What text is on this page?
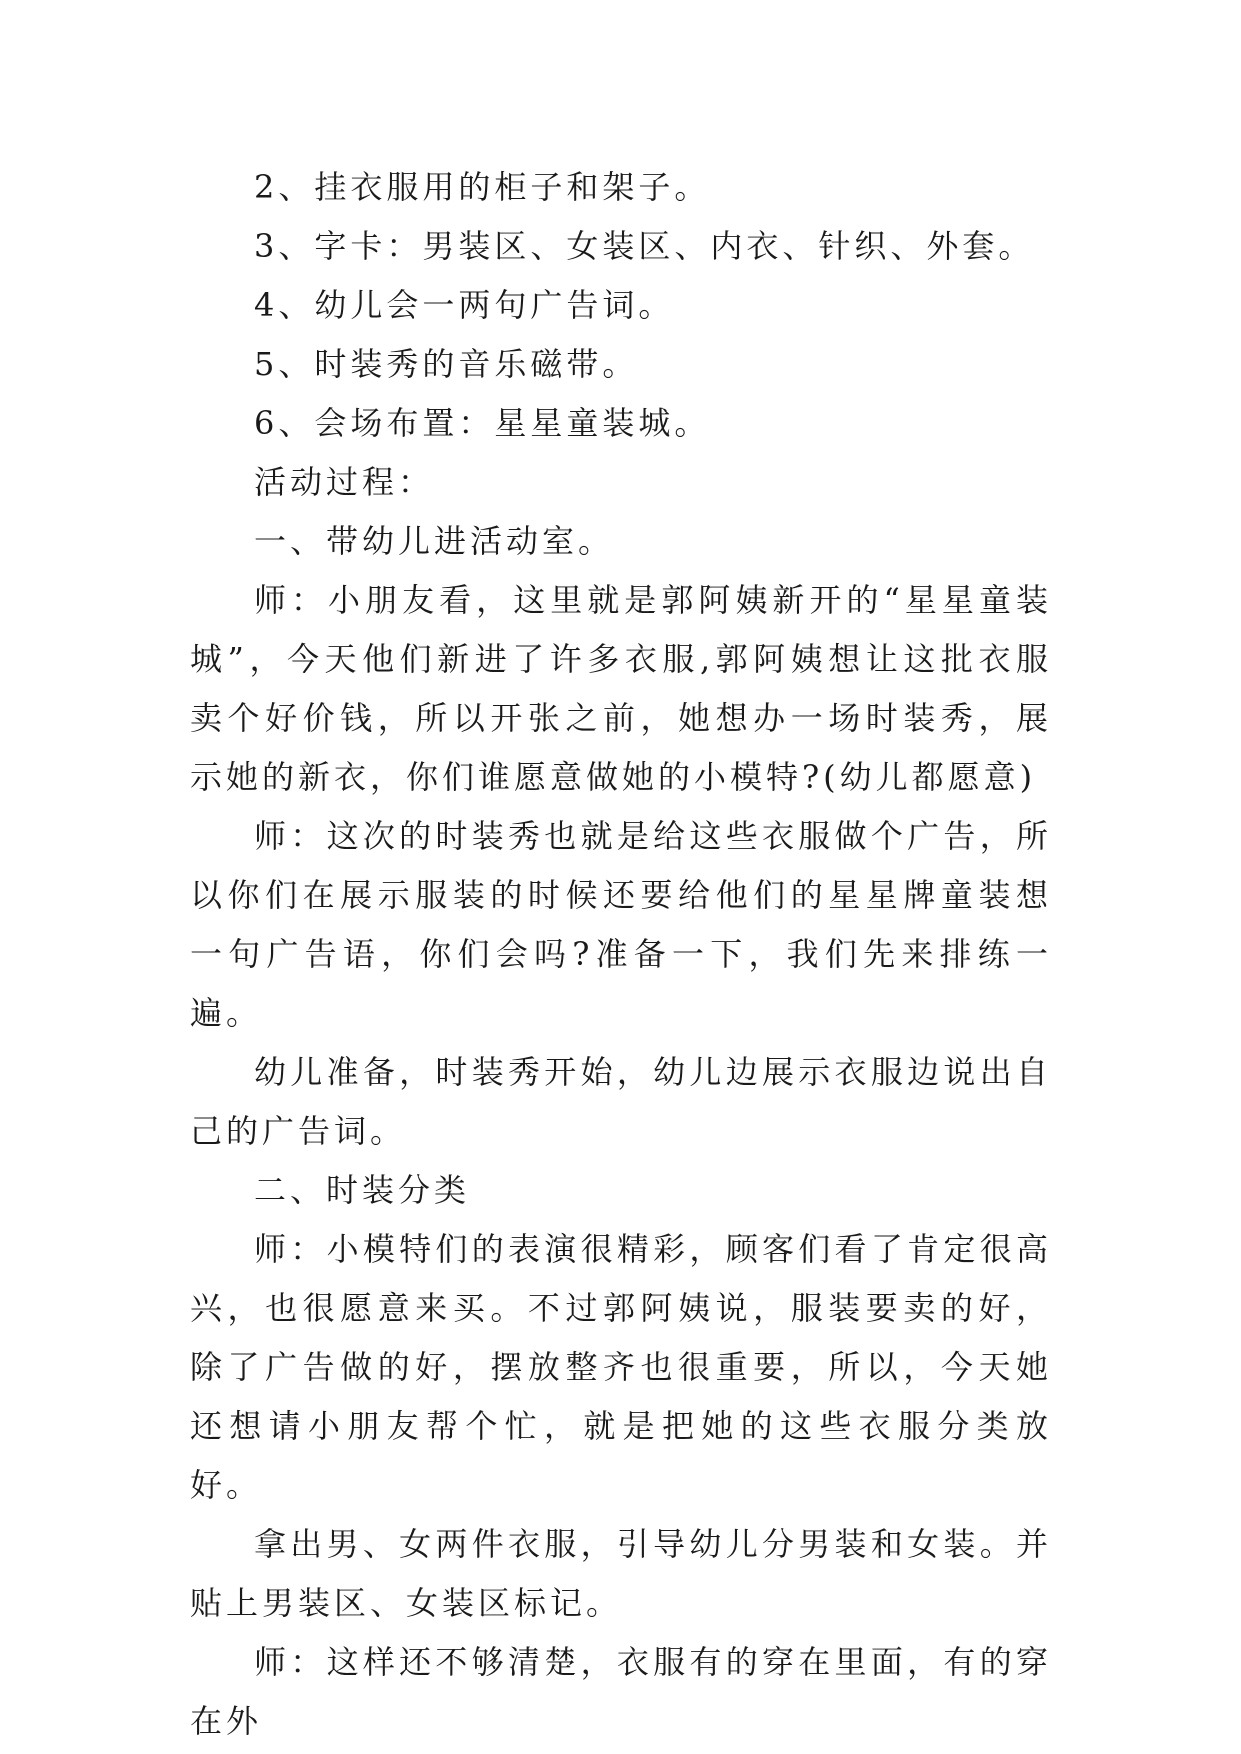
2、挂衣服用的柜子和架子。

3、字卡：男装区、女装区、内衣、针织、外套。

4、幼儿会一两句广告词。

5、时装秀的音乐磁带。

6、会场布置：星星童装城。

活动过程：

一、带幼儿进活动室。

师：小朋友看，这里就是郭阿姨新开的“星星童装城”，今天他们新进了许多衣服,郭阿姨想让这批衣服卖个好价钱，所以开张之前，她想办一场时装秀，展示她的新衣，你们谁愿意做她的小模特?(幼儿都愿意)

师：这次的时装秀也就是给这些衣服做个广告，所以你们在展示服装的时候还要给他们的星星牌童装想一句广告语，你们会吗?准备一下，我们先来排练一遍。

幼儿准备，时装秀开始，幼儿边展示衣服边说出自己的广告词。

二、时装分类

师：小模特们的表演很精彩，顾客们看了肯定很高兴，也很愿意来买。不过郭阿姨说，服装要卖的好，除了广告做的好，摆放整齐也很重要，所以，今天她还想请小朋友帮个忙，就是把她的这些衣服分类放好。

拿出男、女两件衣服，引导幼儿分男装和女装。并贴上男装区、女装区标记。

师：这样还不够清楚，衣服有的穿在里面，有的穿在外
